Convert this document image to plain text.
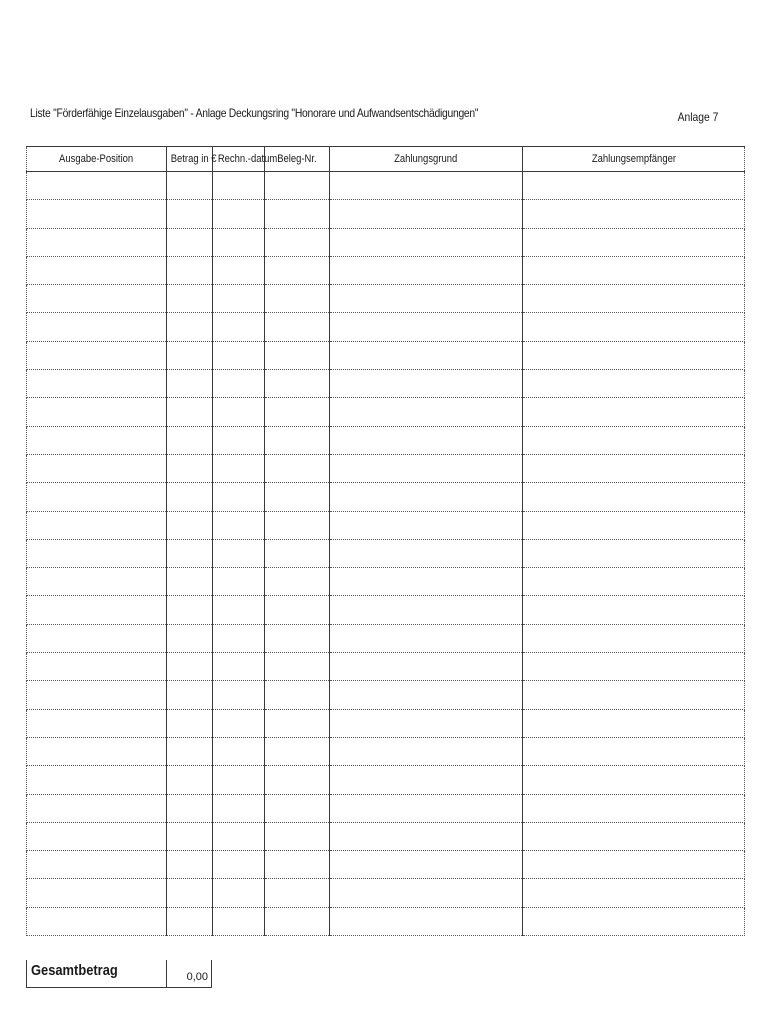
Liste "Förderfähige Einzelausgaben" - Anlage Deckungsring "Honorare und Aufwandsentschädigungen"	Anlage 7
Ausgabe-Position	Betrag in €	Rechn.-datum	Beleg-Nr.	Zahlungsgrund	Zahlungsempfänger

Gesamtbetrag	0,00
